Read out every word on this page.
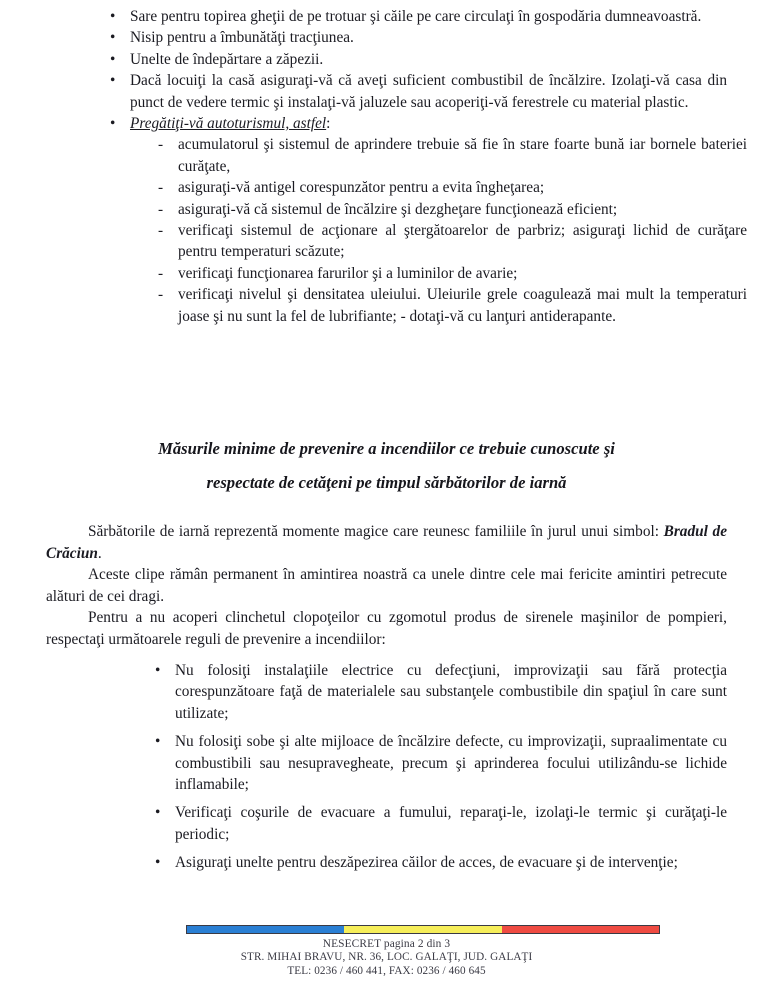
• Sare pentru topirea gheţii de pe trotuar şi căile pe care circulaţi în gospodăria dumneavoastră.
• Nisip pentru a îmbunătăţi tracţiunea.
• Unelte de îndepărtare a zăpezii.
• Dacă locuiţi la casă asiguraţi-vă că aveţi suficient combustibil de încălzire. Izolaţi-vă casa din punct de vedere termic şi instalaţi-vă jaluzele sau acoperiţi-vă ferestrele cu material plastic.
• Pregătiţi-vă autoturismul, astfel:
- acumulatorul şi sistemul de aprindere trebuie să fie în stare foarte bună iar bornele bateriei curăţate,
- asiguraţi-vă antigel corespunzător pentru a evita îngheţarea;
- asiguraţi-vă că sistemul de încălzire şi dezgheţare funcţionează eficient;
- verificaţi sistemul de acţionare al ştergătoarelor de parbriz; asiguraţi lichid de curăţare pentru temperaturi scăzute;
- verificaţi funcţionarea farurilor şi a luminilor de avarie;
- verificaţi nivelul şi densitatea uleiului. Uleiurile grele coagulează mai mult la temperaturi joase şi nu sunt la fel de lubrifiante; - dotaţi-vă cu lanţuri antiderapante.
Măsurile minime de prevenire a incendiilor ce trebuie cunoscute şi
respectate de cetăţeni pe timpul sărbătorilor de iarnă

Sărbătorile de iarnă reprezentă momente magice care reunesc familiile în jurul unui simbol: Bradul de Crăciun.

Aceste clipe rămân permanent în amintirea noastră ca unele dintre cele mai fericite amintiri petrecute alături de cei dragi.

Pentru a nu acoperi clinchetul clopoţeilor cu zgomotul produs de sirenele maşinilor de pompieri, respectaţi următoarele reguli de prevenire a incendiilor:

• Nu folosiţi instalaţiile electrice cu defecţiuni, improvizaţii sau fără protecţia corespunzătoare faţă de materialele sau substanţele combustibile din spaţiul în care sunt utilizate;
• Nu folosiţi sobe şi alte mijloace de încălzire defecte, cu improvizaţii, supraalimentate cu combustibili sau nesupravegheate, precum şi aprinderea focului utilizându-se lichide inflamabile;
• Verificaţi coşurile de evacuare a fumului, reparaţi-le, izolaţi-le termic şi curăţaţi-le periodic;
• Asiguraţi unelte pentru deszăpezirea căilor de acces, de evacuare şi de intervenţie;
NESECRET pagina 2 din 3
STR. MIHAI BRAVU, NR. 36, LOC. GALAŢI, JUD. GALAŢI
TEL: 0236 / 460 441, FAX: 0236 / 460 645
